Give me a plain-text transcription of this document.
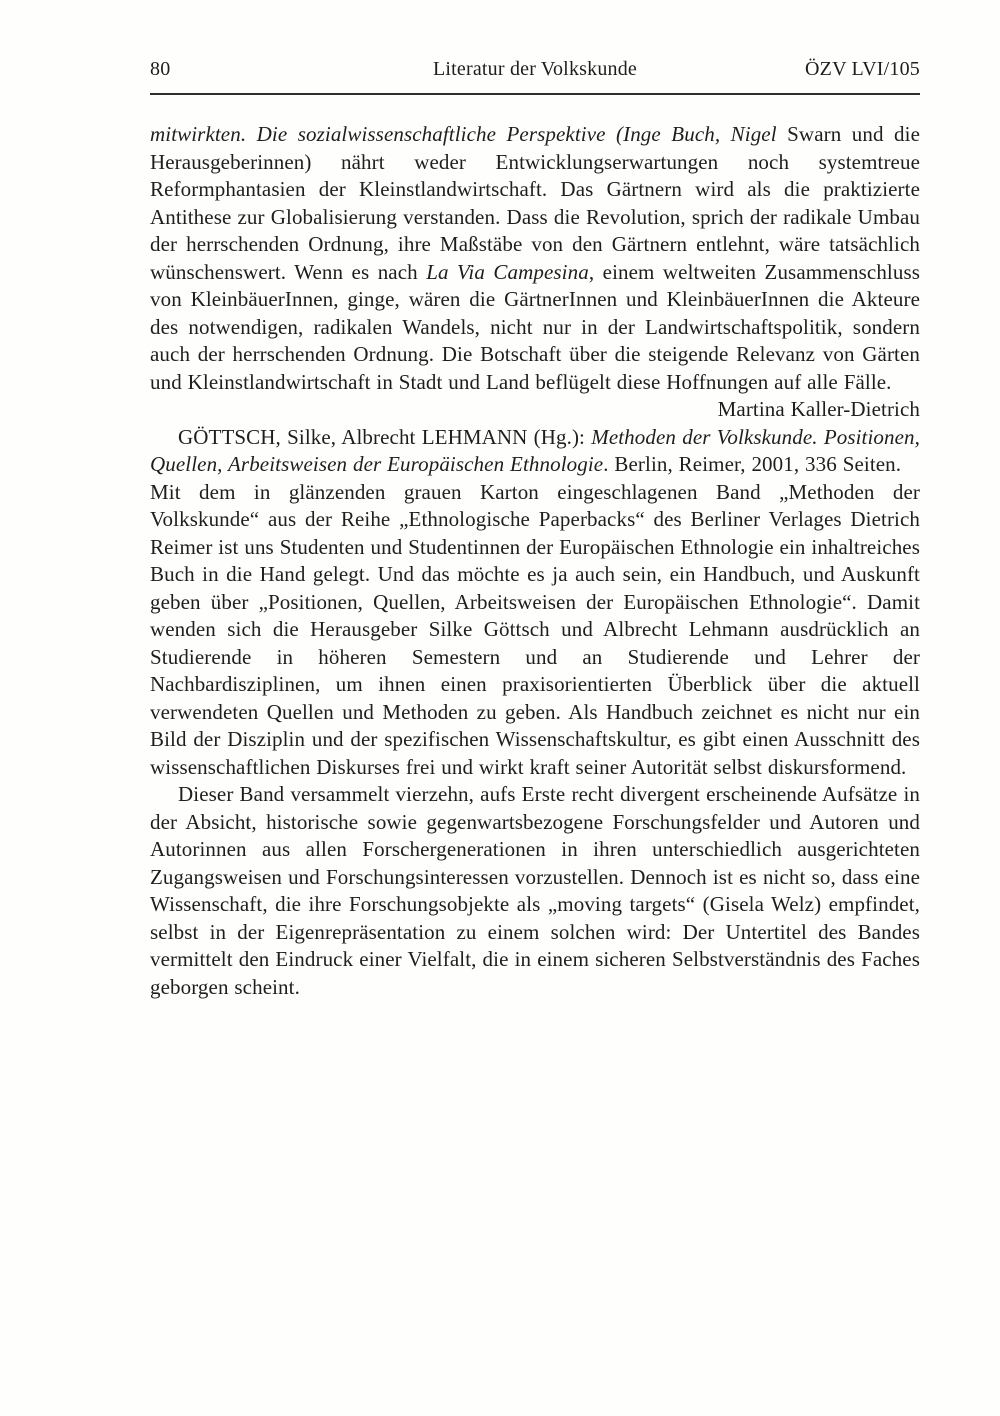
80	Literatur der Volkskunde	ÖZV LVI/105

mitwirkten. Die sozialwissenschaftliche Perspektive (Inge Buch, Nigel Swarn und die Herausgeberinnen) nährt weder Entwicklungserwartungen noch systemtreue Reformphantasien der Kleinstlandwirtschaft. Das Gärtnern wird als die praktizierte Antithese zur Globalisierung verstanden. Dass die Revolution, sprich der radikale Umbau der herrschenden Ordnung, ihre Maßstäbe von den Gärtnern entlehnt, wäre tatsächlich wünschenswert. Wenn es nach La Via Campesina, einem weltweiten Zusammenschluss von KleinbäuerInnen, ginge, wären die GärtnerInnen und KleinbäuerInnen die Akteure des notwendigen, radikalen Wandels, nicht nur in der Landwirtschaftspolitik, sondern auch der herrschenden Ordnung. Die Botschaft über die steigende Relevanz von Gärten und Kleinstlandwirtschaft in Stadt und Land beflügelt diese Hoffnungen auf alle Fälle.

Martina Kaller-Dietrich

GÖTTSCH, Silke, Albrecht LEHMANN (Hg.): Methoden der Volkskunde. Positionen, Quellen, Arbeitsweisen der Europäischen Ethnologie. Berlin, Reimer, 2001, 336 Seiten.

Mit dem in glänzenden grauen Karton eingeschlagenen Band „Methoden der Volkskunde“ aus der Reihe „Ethnologische Paperbacks“ des Berliner Verlages Dietrich Reimer ist uns Studenten und Studentinnen der Europäischen Ethnologie ein inhaltreiches Buch in die Hand gelegt. Und das möchte es ja auch sein, ein Handbuch, und Auskunft geben über „Positionen, Quellen, Arbeitsweisen der Europäischen Ethnologie“. Damit wenden sich die Herausgeber Silke Göttsch und Albrecht Lehmann ausdrücklich an Studierende in höheren Semestern und an Studierende und Lehrer der Nachbardisziplinen, um ihnen einen praxisorientierten Überblick über die aktuell verwendeten Quellen und Methoden zu geben. Als Handbuch zeichnet es nicht nur ein Bild der Disziplin und der spezifischen Wissenschaftskultur, es gibt einen Ausschnitt des wissenschaftlichen Diskurses frei und wirkt kraft seiner Autorität selbst diskursformend.

Dieser Band versammelt vierzehn, aufs Erste recht divergent erscheinende Aufsätze in der Absicht, historische sowie gegenwartsbezogene Forschungsfelder und Autoren und Autorinnen aus allen Forschergenerationen in ihren unterschiedlich ausgerichteten Zugangsweisen und Forschungsinteressen vorzustellen. Dennoch ist es nicht so, dass eine Wissenschaft, die ihre Forschungsobjekte als „moving targets“ (Gisela Welz) empfindet, selbst in der Eigenrepräsentation zu einem solchen wird: Der Untertitel des Bandes vermittelt den Eindruck einer Vielfalt, die in einem sicheren Selbstverständnis des Faches geborgen scheint.
